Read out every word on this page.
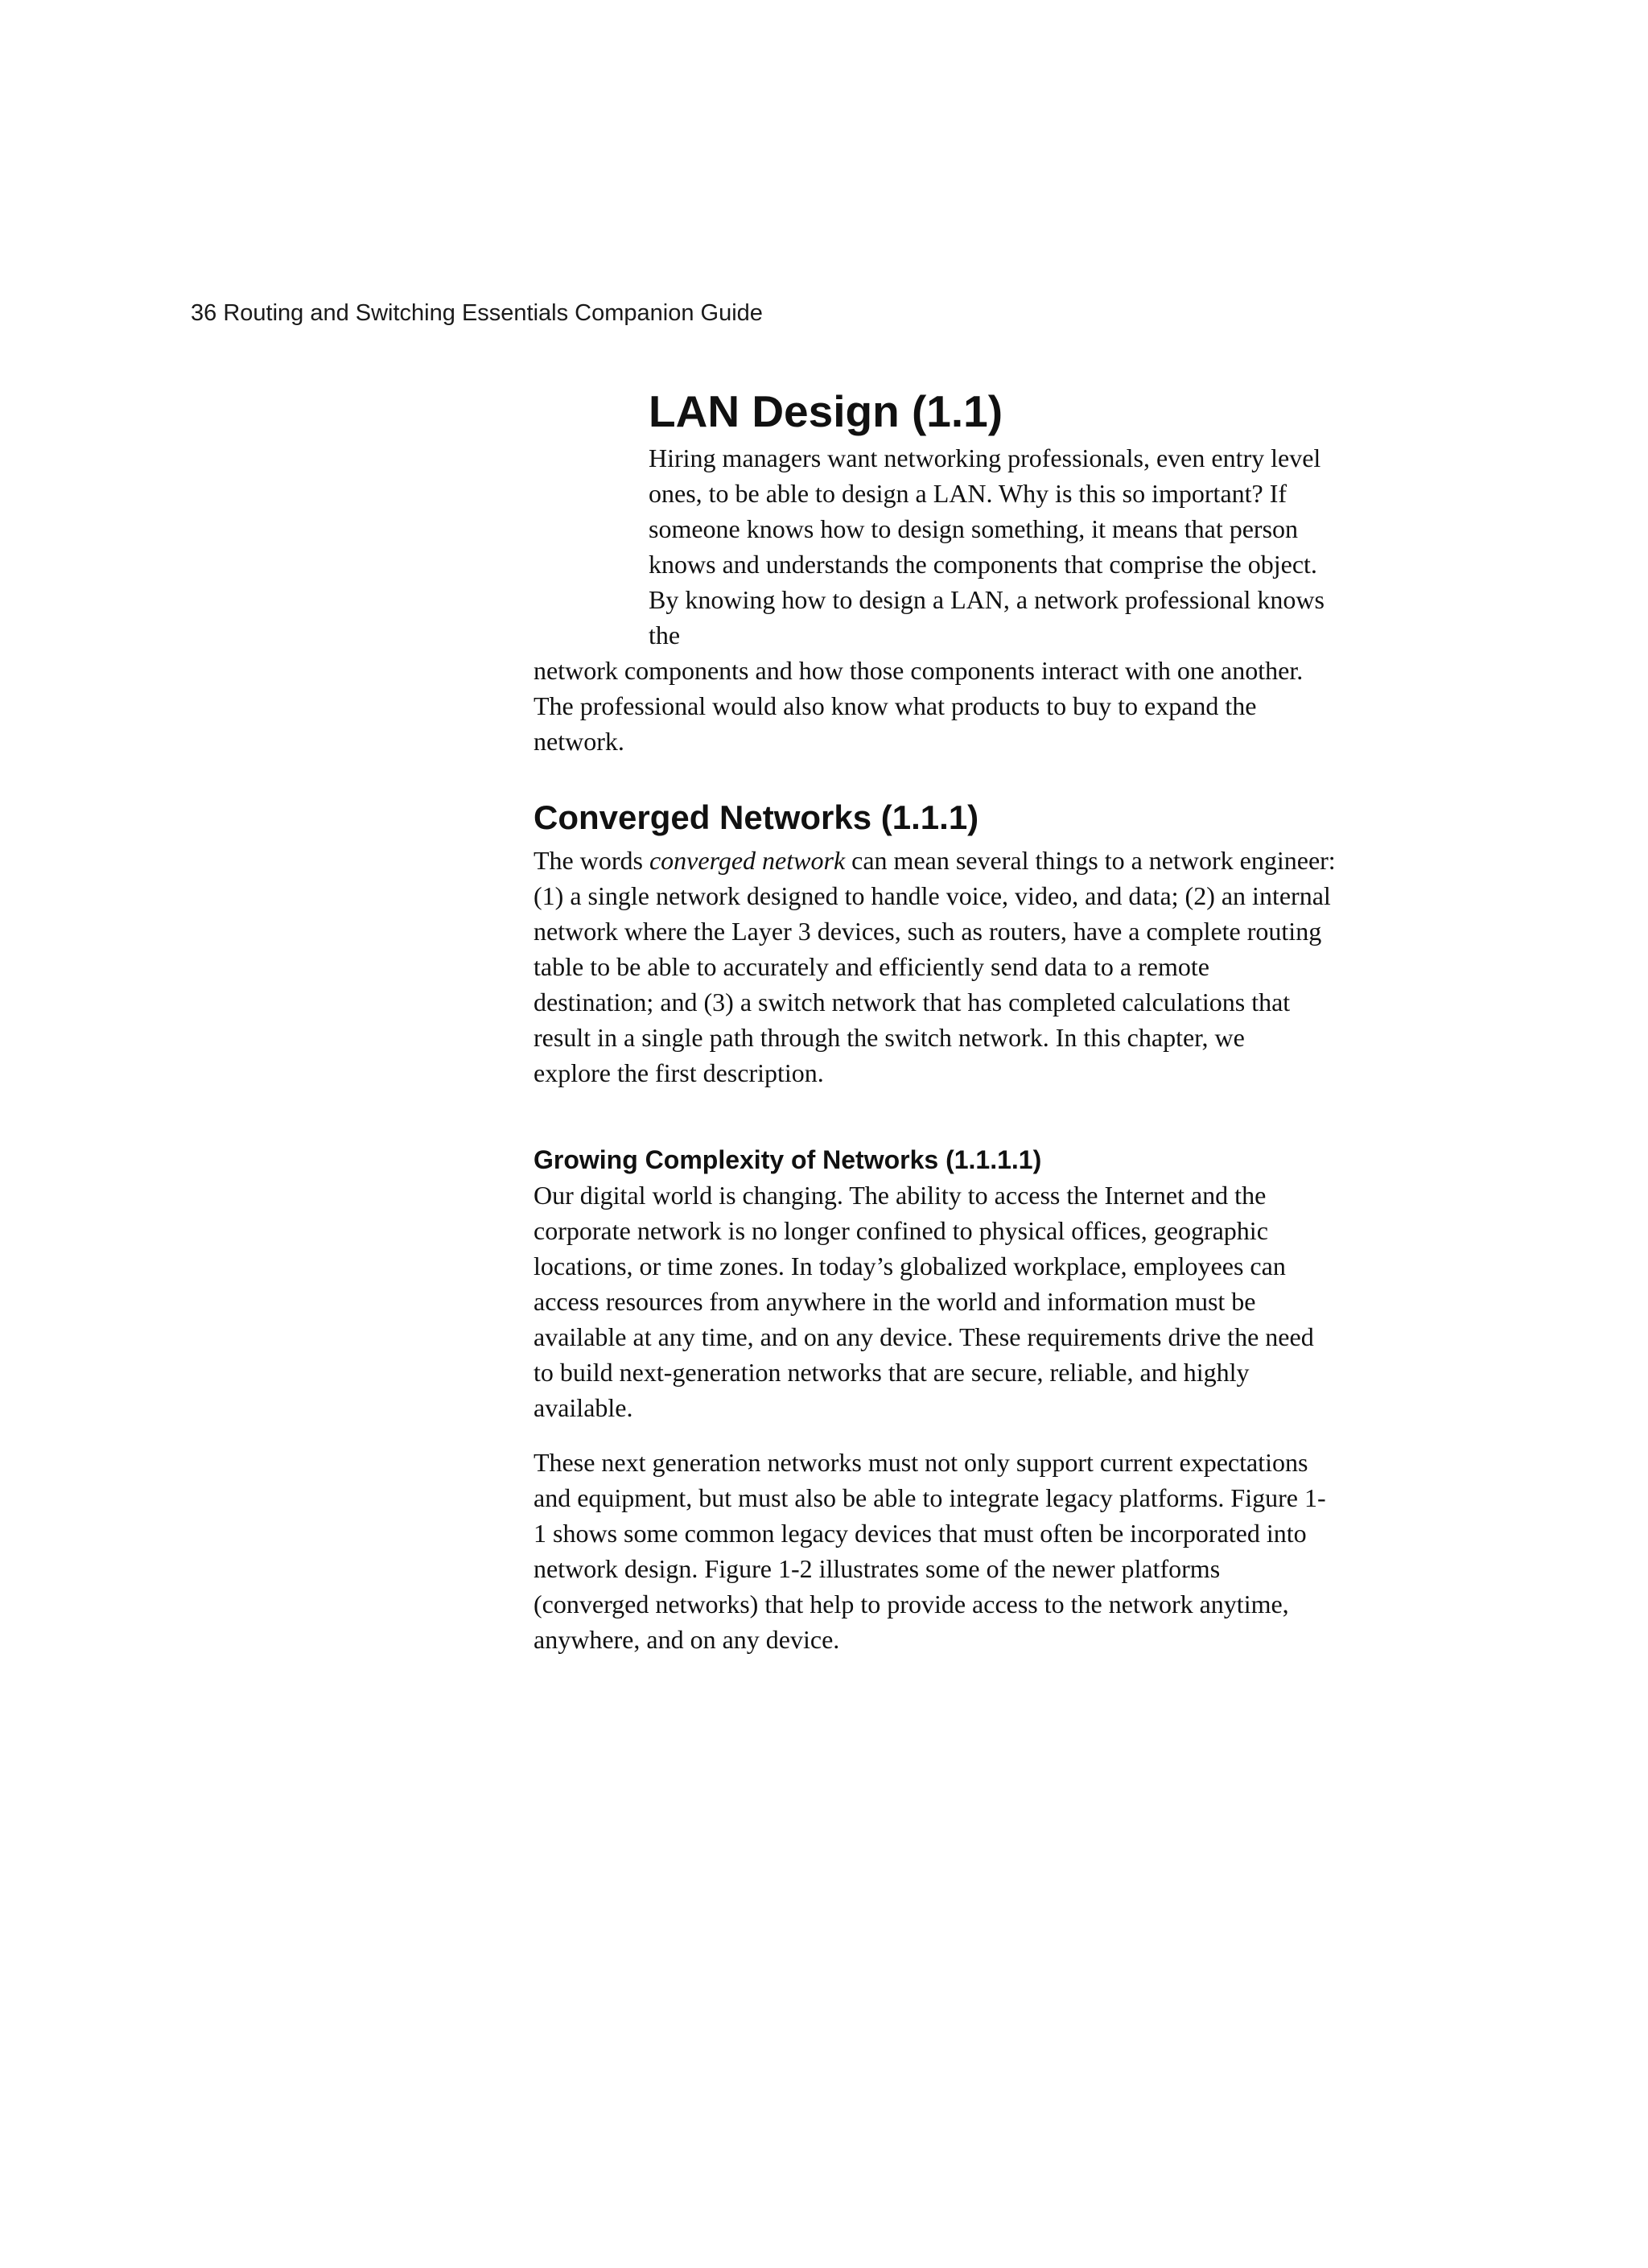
36 Routing and Switching Essentials Companion Guide
LAN Design (1.1)

Hiring managers want networking professionals, even entry level
ones, to be able to design a LAN. Why is this so important? If
someone knows how to design something, it means that person
knows and understands the components that comprise the object.
By knowing how to design a LAN, a network professional knows
the

network components and how those components interact with one another.
The professional would also know what products to buy to expand the
network.

Converged Networks (1.1.1)

The words converged network can mean several things to a network engineer:
(1) a single network designed to handle voice, video, and data; (2) an internal
network where the Layer 3 devices, such as routers, have a complete routing
table to be able to accurately and efficiently send data to a remote
destination; and (3) a switch network that has completed calculations that
result in a single path through the switch network. In this chapter, we
explore the first description.

Growing Complexity of Networks (1.1.1.1)

Our digital world is changing. The ability to access the Internet and the
corporate network is no longer confined to physical offices, geographic
locations, or time zones. In today’s globalized workplace, employees can
access resources from anywhere in the world and information must be
available at any time, and on any device. These requirements drive the need
to build next-generation networks that are secure, reliable, and highly
available.

These next generation networks must not only support current expectations
and equipment, but must also be able to integrate legacy platforms. Figure 1-
1 shows some common legacy devices that must often be incorporated into
network design. Figure 1-2 illustrates some of the newer platforms
(converged networks) that help to provide access to the network anytime,
anywhere, and on any device.
